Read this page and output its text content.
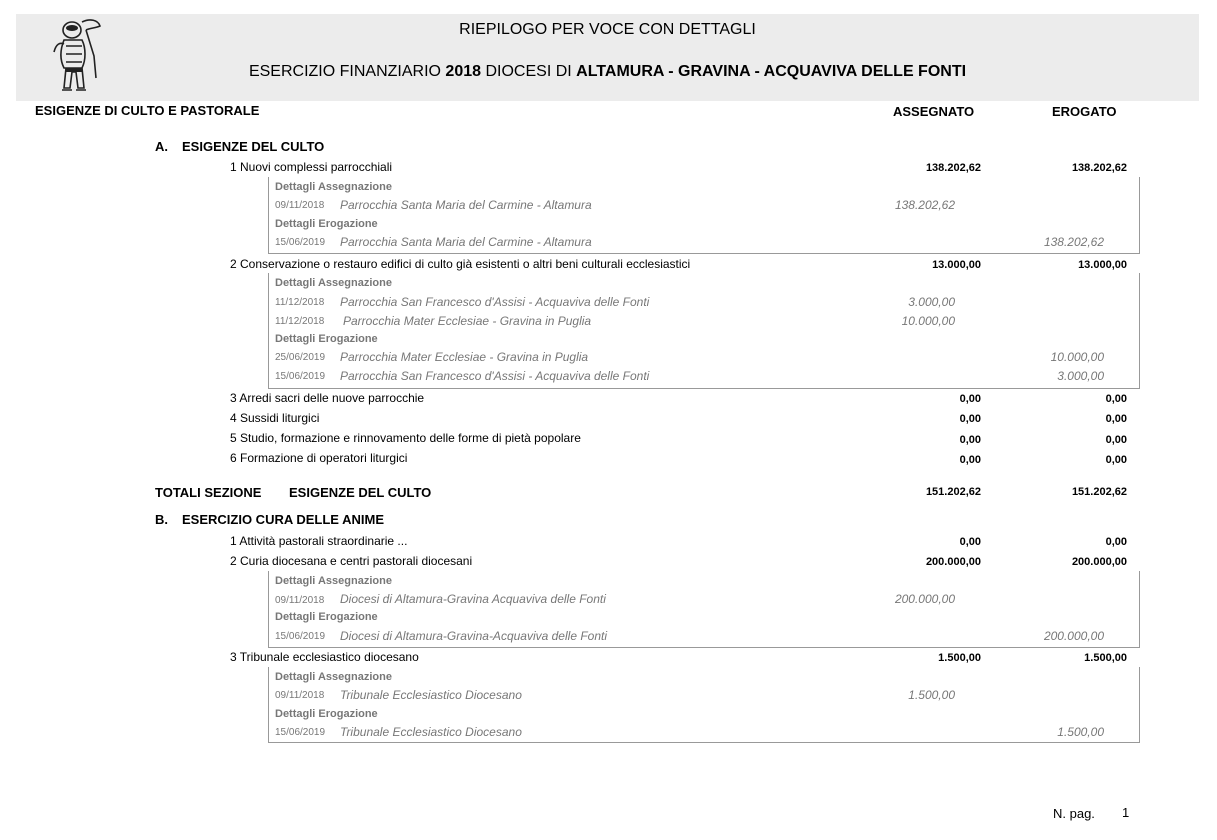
RIEPILOGO PER VOCE CON DETTAGLI
ESERCIZIO FINANZIARIO 2018 DIOCESI DI ALTAMURA - GRAVINA - ACQUAVIVA DELLE FONTI
ESIGENZE DI CULTO E PASTORALE	ASSEGNATO	EROGATO
A. ESIGENZE DEL CULTO
1 Nuovi complessi parrocchiali	138.202,62	138.202,62
Dettagli Assegnazione
09/11/2018 Parrocchia Santa Maria del Carmine - Altamura	138.202,62
Dettagli Erogazione
15/06/2019 Parrocchia Santa Maria del Carmine - Altamura	138.202,62
2 Conservazione o restauro edifici di culto già esistenti o altri beni culturali ecclesiastici	13.000,00	13.000,00
Dettagli Assegnazione
11/12/2018 Parrocchia San Francesco d'Assisi - Acquaviva delle Fonti	3.000,00
11/12/2018 Parrocchia Mater Ecclesiae - Gravina in Puglia	10.000,00
Dettagli Erogazione
25/06/2019 Parrocchia Mater Ecclesiae - Gravina in Puglia	10.000,00
15/06/2019 Parrocchia San Francesco d'Assisi - Acquaviva delle Fonti	3.000,00
3 Arredi sacri delle nuove parrocchie	0,00	0,00
4 Sussidi liturgici	0,00	0,00
5 Studio, formazione e rinnovamento delle forme di pietà popolare	0,00	0,00
6 Formazione di operatori liturgici	0,00	0,00
TOTALI SEZIONE ESIGENZE DEL CULTO	151.202,62	151.202,62
B. ESERCIZIO CURA DELLE ANIME
1 Attività pastorali straordinarie ...	0,00	0,00
2 Curia diocesana e centri pastorali diocesani	200.000,00	200.000,00
Dettagli Assegnazione
09/11/2018 Diocesi di Altamura-Gravina Acquaviva delle Fonti	200.000,00
Dettagli Erogazione
15/06/2019 Diocesi di Altamura-Gravina-Acquaviva delle Fonti	200.000,00
3 Tribunale ecclesiastico diocesano	1.500,00	1.500,00
Dettagli Assegnazione
09/11/2018 Tribunale Ecclesiastico Diocesano	1.500,00
Dettagli Erogazione
15/06/2019 Tribunale Ecclesiastico Diocesano	1.500,00
N. pag. 1
